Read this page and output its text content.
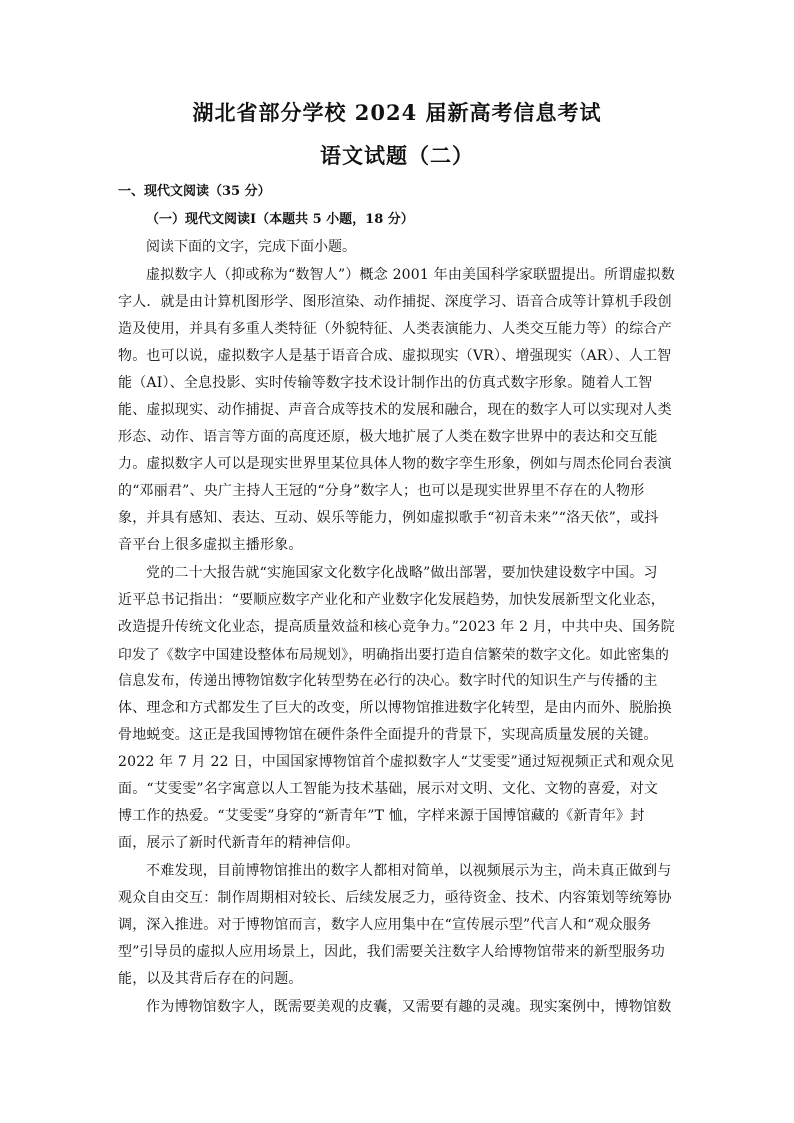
湖北省部分学校 2024 届新高考信息考试
语文试题（二）
一、现代文阅读（35 分）
（一）现代文阅读Ⅰ（本题共 5 小题，18 分）
阅读下面的文字，完成下面小题。
虚拟数字人（抑或称为“数智人”）概念 2001 年由美国科学家联盟提出。所谓虚拟数
字人．就是由计算机图形学、图形渲染、动作捕捉、深度学习、语音合成等计算机手段创
造及使用，并具有多重人类特征（外貌特征、人类表演能力、人类交互能力等）的综合产
物。也可以说，虚拟数字人是基于语音合成、虚拟现实（VR）、增强现实（AR）、人工智
能（AI）、全息投影、实时传输等数字技术设计制作出的仿真式数字形象。随着人工智
能、虚拟现实、动作捕捉、声音合成等技术的发展和融合，现在的数字人可以实现对人类
形态、动作、语言等方面的高度还原，极大地扩展了人类在数字世界中的表达和交互能
力。虚拟数字人可以是现实世界里某位具体人物的数字孪生形象，例如与周杰伦同台表演
的“邓丽君”、央广主持人王冠的“分身”数字人；也可以是现实世界里不存在的人物形
象，并具有感知、表达、互动、娱乐等能力，例如虚拟歌手“初音未来”“洛天依”，或抖
音平台上很多虚拟主播形象。
党的二十大报告就“实施国家文化数字化战略”做出部署，要加快建设数字中国。习
近平总书记指出：“要顺应数字产业化和产业数字化发展趋势，加快发展新型文化业态，
改造提升传统文化业态，提高质量效益和核心竞争力。”2023 年 2 月，中共中央、国务院
印发了《数字中国建设整体布局规划》，明确指出要打造自信繁荣的数字文化。如此密集的
信息发布，传递出博物馆数字化转型势在必行的决心。数字时代的知识生产与传播的主
体、理念和方式都发生了巨大的改变，所以博物馆推进数字化转型，是由内而外、脱胎换
骨地蜕变。这正是我国博物馆在硬件条件全面提升的背景下，实现高质量发展的关键。
2022 年 7 月 22 日，中国国家博物馆首个虚拟数字人“艾雯雯”通过短视频正式和观众见
面。“艾雯雯”名字寓意以人工智能为技术基础，展示对文明、文化、文物的喜爱，对文
博工作的热爱。“艾雯雯”身穿的“新青年”T 恤，字样来源于国博馆藏的《新青年》封
面，展示了新时代新青年的精神信仰。
不难发现，目前博物馆推出的数字人都相对简单，以视频展示为主，尚未真正做到与
观众自由交互：制作周期相对较长、后续发展乏力，亟待资金、技术、内容策划等统筹协
调，深入推进。对于博物馆而言，数字人应用集中在“宣传展示型”代言人和“观众服务
型”引导员的虚拟人应用场景上，因此，我们需要关注数字人给博物馆带来的新型服务功
能，以及其背后存在的问题。
作为博物馆数字人，既需要美观的皮囊，又需要有趣的灵魂。现实案例中，博物馆数
